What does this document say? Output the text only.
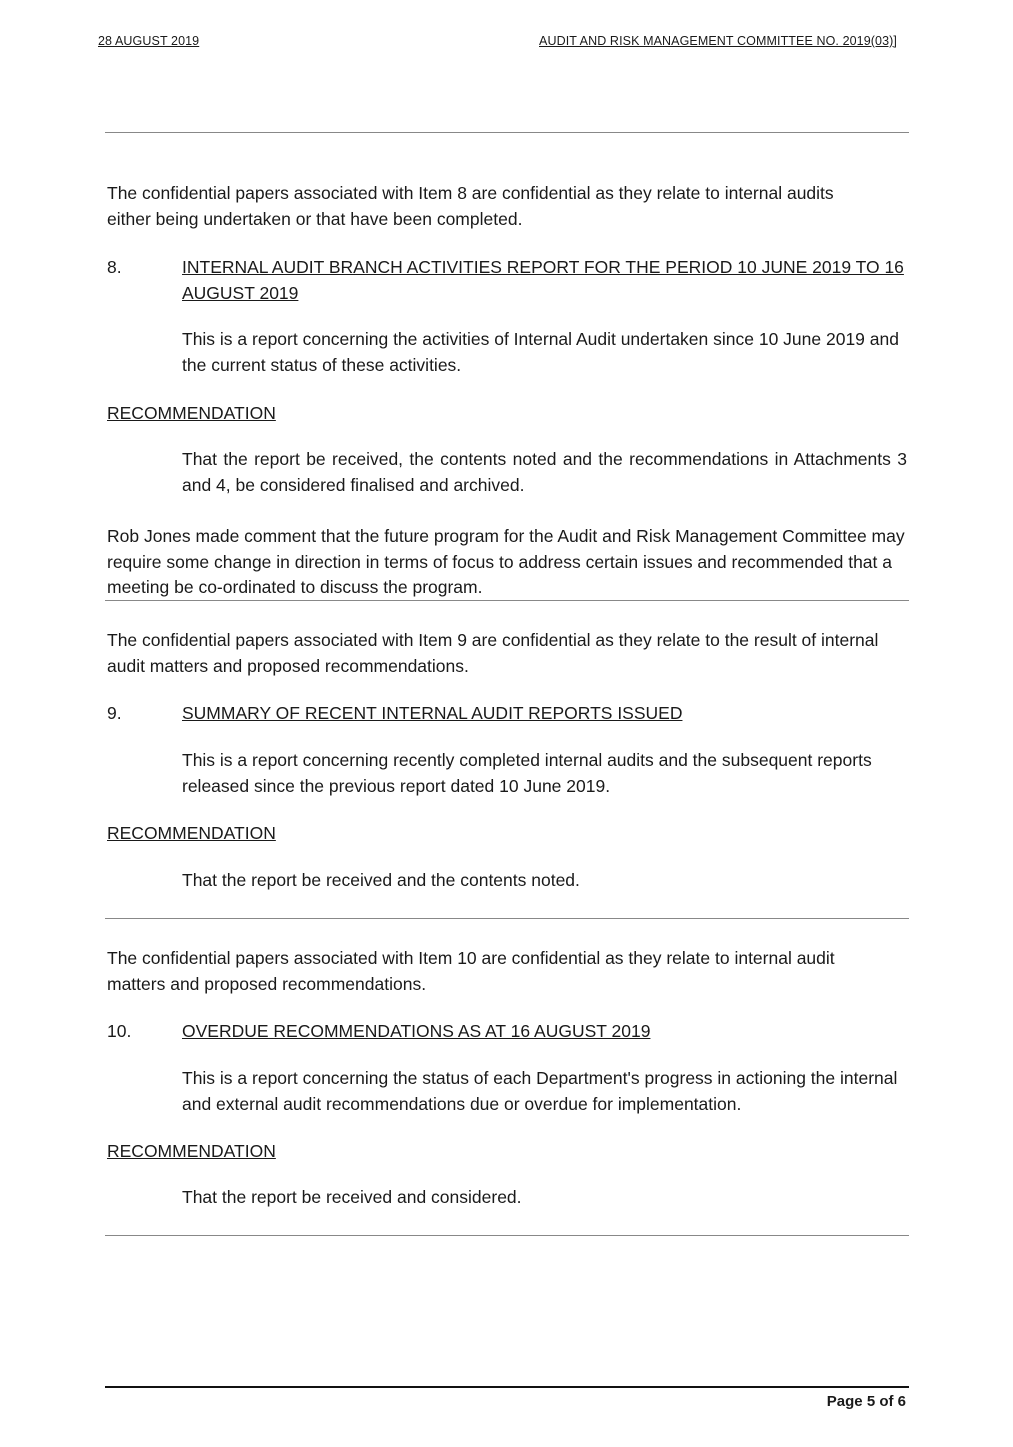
28 AUGUST 2019	AUDIT AND RISK MANAGEMENT COMMITTEE NO. 2019(03)]
The confidential papers associated with Item 8 are confidential as they relate to internal audits either being undertaken or that have been completed.
8.	INTERNAL AUDIT BRANCH ACTIVITIES REPORT FOR THE PERIOD 10 JUNE 2019 TO 16 AUGUST 2019
This is a report concerning the activities of Internal Audit undertaken since 10 June 2019 and the current status of these activities.
RECOMMENDATION
That the report be received, the contents noted and the recommendations in Attachments 3 and 4, be considered finalised and archived.
Rob Jones made comment that the future program for the Audit and Risk Management Committee may require some change in direction in terms of focus to address certain issues and recommended that a meeting be co-ordinated to discuss the program.
The confidential papers associated with Item 9 are confidential as they relate to the result of internal audit matters and proposed recommendations.
9.	SUMMARY OF RECENT INTERNAL AUDIT REPORTS ISSUED
This is a report concerning recently completed internal audits and the subsequent reports released since the previous report dated 10 June 2019.
RECOMMENDATION
That the report be received and the contents noted.
The confidential papers associated with Item 10 are confidential as they relate to internal audit matters and proposed recommendations.
10.	OVERDUE RECOMMENDATIONS AS AT 16 AUGUST 2019
This is a report concerning the status of each Department's progress in actioning the internal and external audit recommendations due or overdue for implementation.
RECOMMENDATION
That the report be received and considered.
Page 5 of 6
